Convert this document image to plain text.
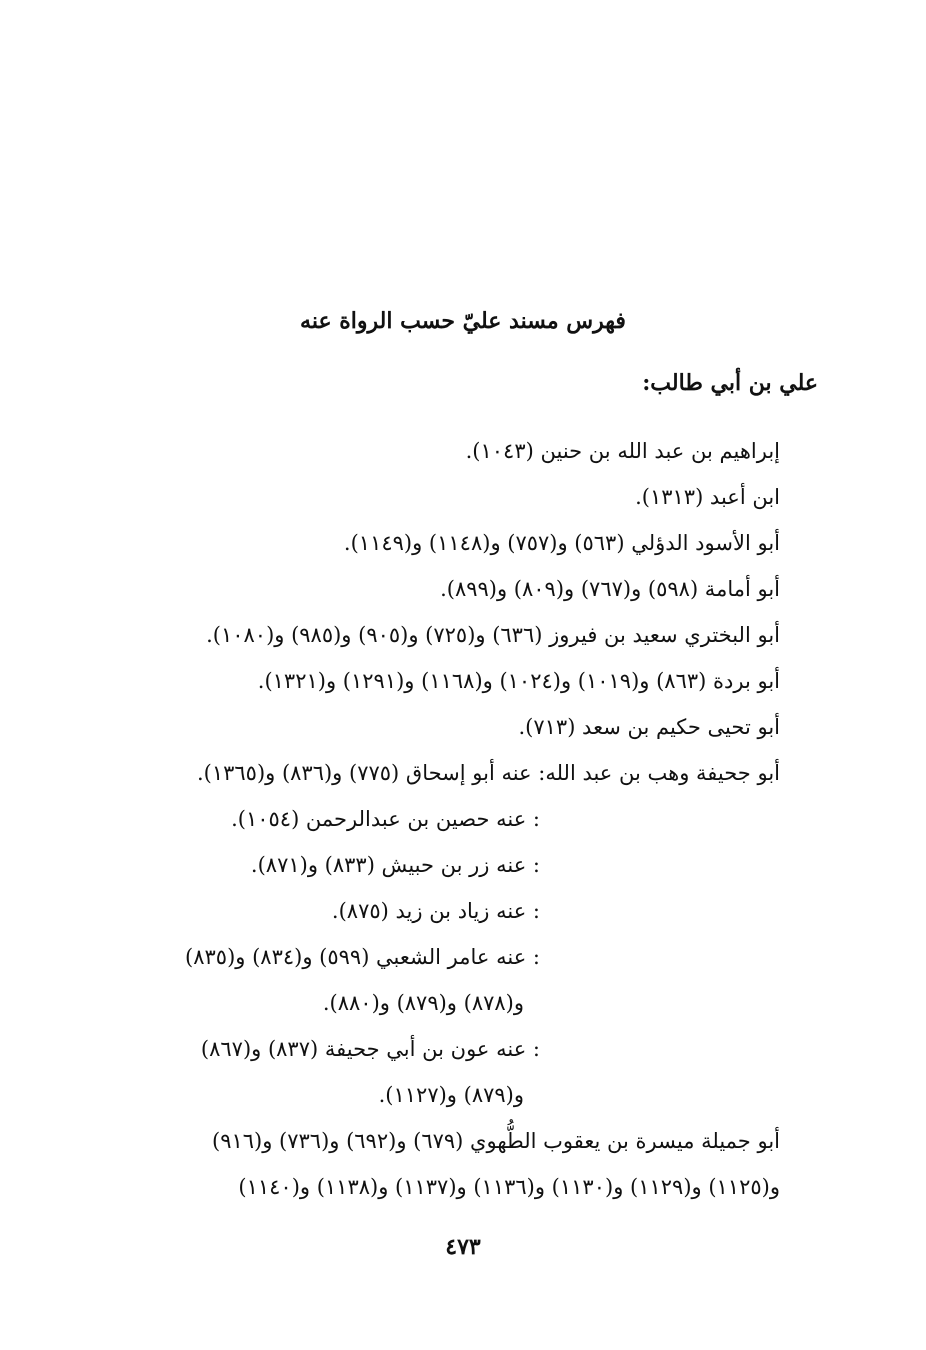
فهرس مسند عليّ حسب الرواة عنه
علي بن أبي طالب:
إبراهيم بن عبد الله بن حنين (١٠٤٣).
ابن أعبد (١٣١٣).
أبو الأسود الدؤلي (٥٦٣) و(٧٥٧) و(١١٤٨) و(١١٤٩).
أبو أمامة (٥٩٨) و(٧٦٧) و(٨٠٩) و(٨٩٩).
أبو البختري سعيد بن فيروز (٦٣٦) و(٧٢٥) و(٩٠٥) و(٩٨٥) و(١٠٨٠).
أبو بردة (٨٦٣) و(١٠١٩) و(١٠٢٤) و(١١٦٨) و(١٢٩١) و(١٣٢١).
أبو تحيى حكيم بن سعد (٧١٣).
أبو جحيفة وهب بن عبد الله: عنه أبو إسحاق (٧٧٥) و(٨٣٦) و(١٣٦٥).
: عنه حصين بن عبدالرحمن (١٠٥٤).
: عنه زر بن حبيش (٨٣٣) و(٨٧١).
: عنه زياد بن زيد (٨٧٥).
: عنه عامر الشعبي (٥٩٩) و(٨٣٤) و(٨٣٥)
و(٨٧٨) و(٨٧٩) و(٨٨٠).
: عنه عون بن أبي جحيفة (٨٣٧) و(٨٦٧)
و(٨٧٩) و(١١٢٧).
أبو جميلة ميسرة بن يعقوب الطُّهوي (٦٧٩) و(٦٩٢) و(٧٣٦) و(٩١٦)
و(١١٢٥) و(١١٢٩) و(١١٣٠) و(١١٣٦) و(١١٣٧) و(١١٣٨) و(١١٤٠)
٤٧٣
